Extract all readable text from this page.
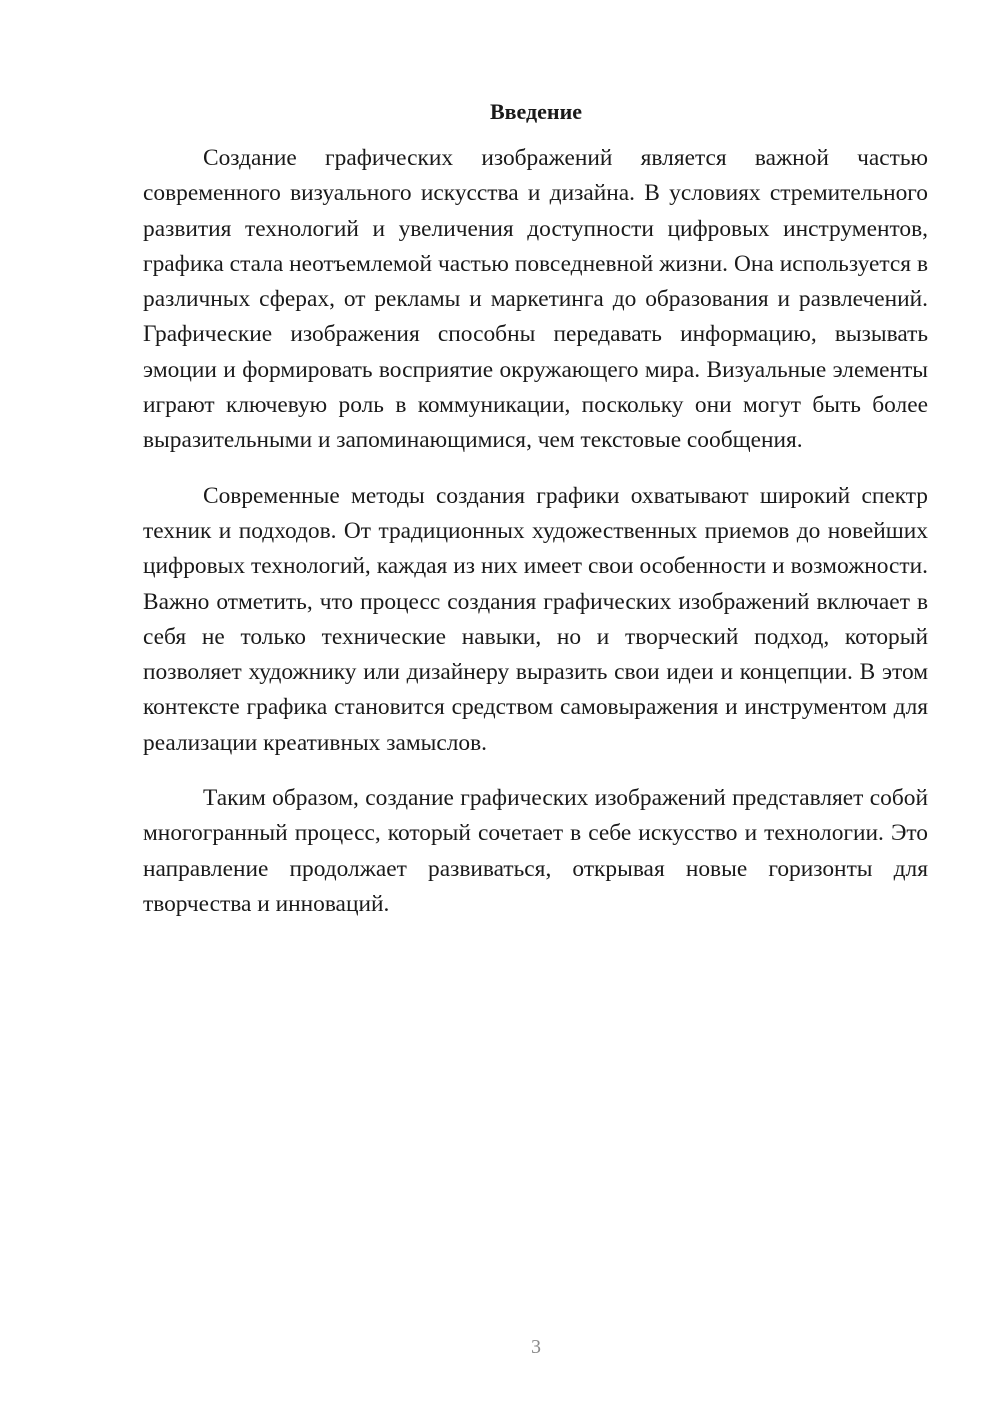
Введение

Создание графических изображений является важной частью современного визуального искусства и дизайна. В условиях стремительного развития технологий и увеличения доступности цифровых инструментов, графика стала неотъемлемой частью повседневной жизни. Она используется в различных сферах, от рекламы и маркетинга до образования и развлечений. Графические изображения способны передавать информацию, вызывать эмоции и формировать восприятие окружающего мира. Визуальные элементы играют ключевую роль в коммуникации, поскольку они могут быть более выразительными и запоминающимися, чем текстовые сообщения.

Современные методы создания графики охватывают широкий спектр техник и подходов. От традиционных художественных приемов до новейших цифровых технологий, каждая из них имеет свои особенности и возможности. Важно отметить, что процесс создания графических изображений включает в себя не только технические навыки, но и творческий подход, который позволяет художнику или дизайнеру выразить свои идеи и концепции. В этом контексте графика становится средством самовыражения и инструментом для реализации креативных замыслов.

Таким образом, создание графических изображений представляет собой многогранный процесс, который сочетает в себе искусство и технологии. Это направление продолжает развиваться, открывая новые горизонты для творчества и инноваций.

3
